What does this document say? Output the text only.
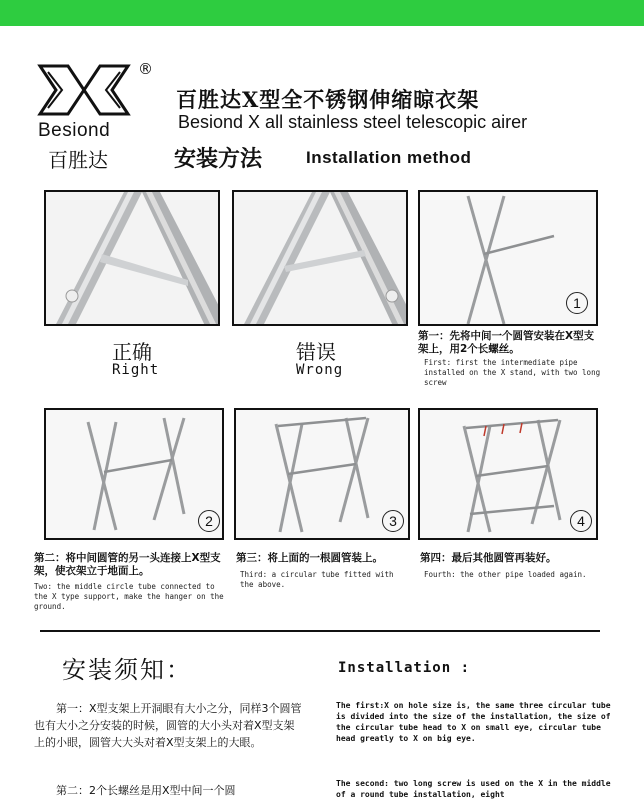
®
Besiond
百胜达
百胜达X型全不锈钢伸缩晾衣架
Besiond X all stainless steel telescopic airer
安装方法	Installation method
1
正确
Right
错误
Wrong
第一：先将中间一个圆管安装在X型支架上，用2个长螺丝。
First: first the intermediate pipe installed on the X stand, with two long screw
2	3	4
第二：将中间圆管的另一头连接上X型支架，使衣架立于地面上。
Two: the middle circle tube connected to the X type support, make the hanger on the ground.
第三：将上面的一根圆管装上。
Third: a circular tube fitted with the above.
第四：最后其他圆管再装好。
Fourth: the other pipe loaded again.
安装须知：	Installation :
第一：X型支架上开洞眼有大小之分，同样3个圆管也有大小之分安装的时候，圆管的大小头对着X型支架上的小眼，圆管大大头对着X型支架上的大眼。
第二：2个长螺丝是用X型中间一个圆
The first:X on hole size is, the same three circular tube is divided into the size of the installation, the size of the circular tube head to X on small eye, circular tube head greatly to X on big eye.
The second: two long screw is used on the X in the middle of a round tube installation, eight
